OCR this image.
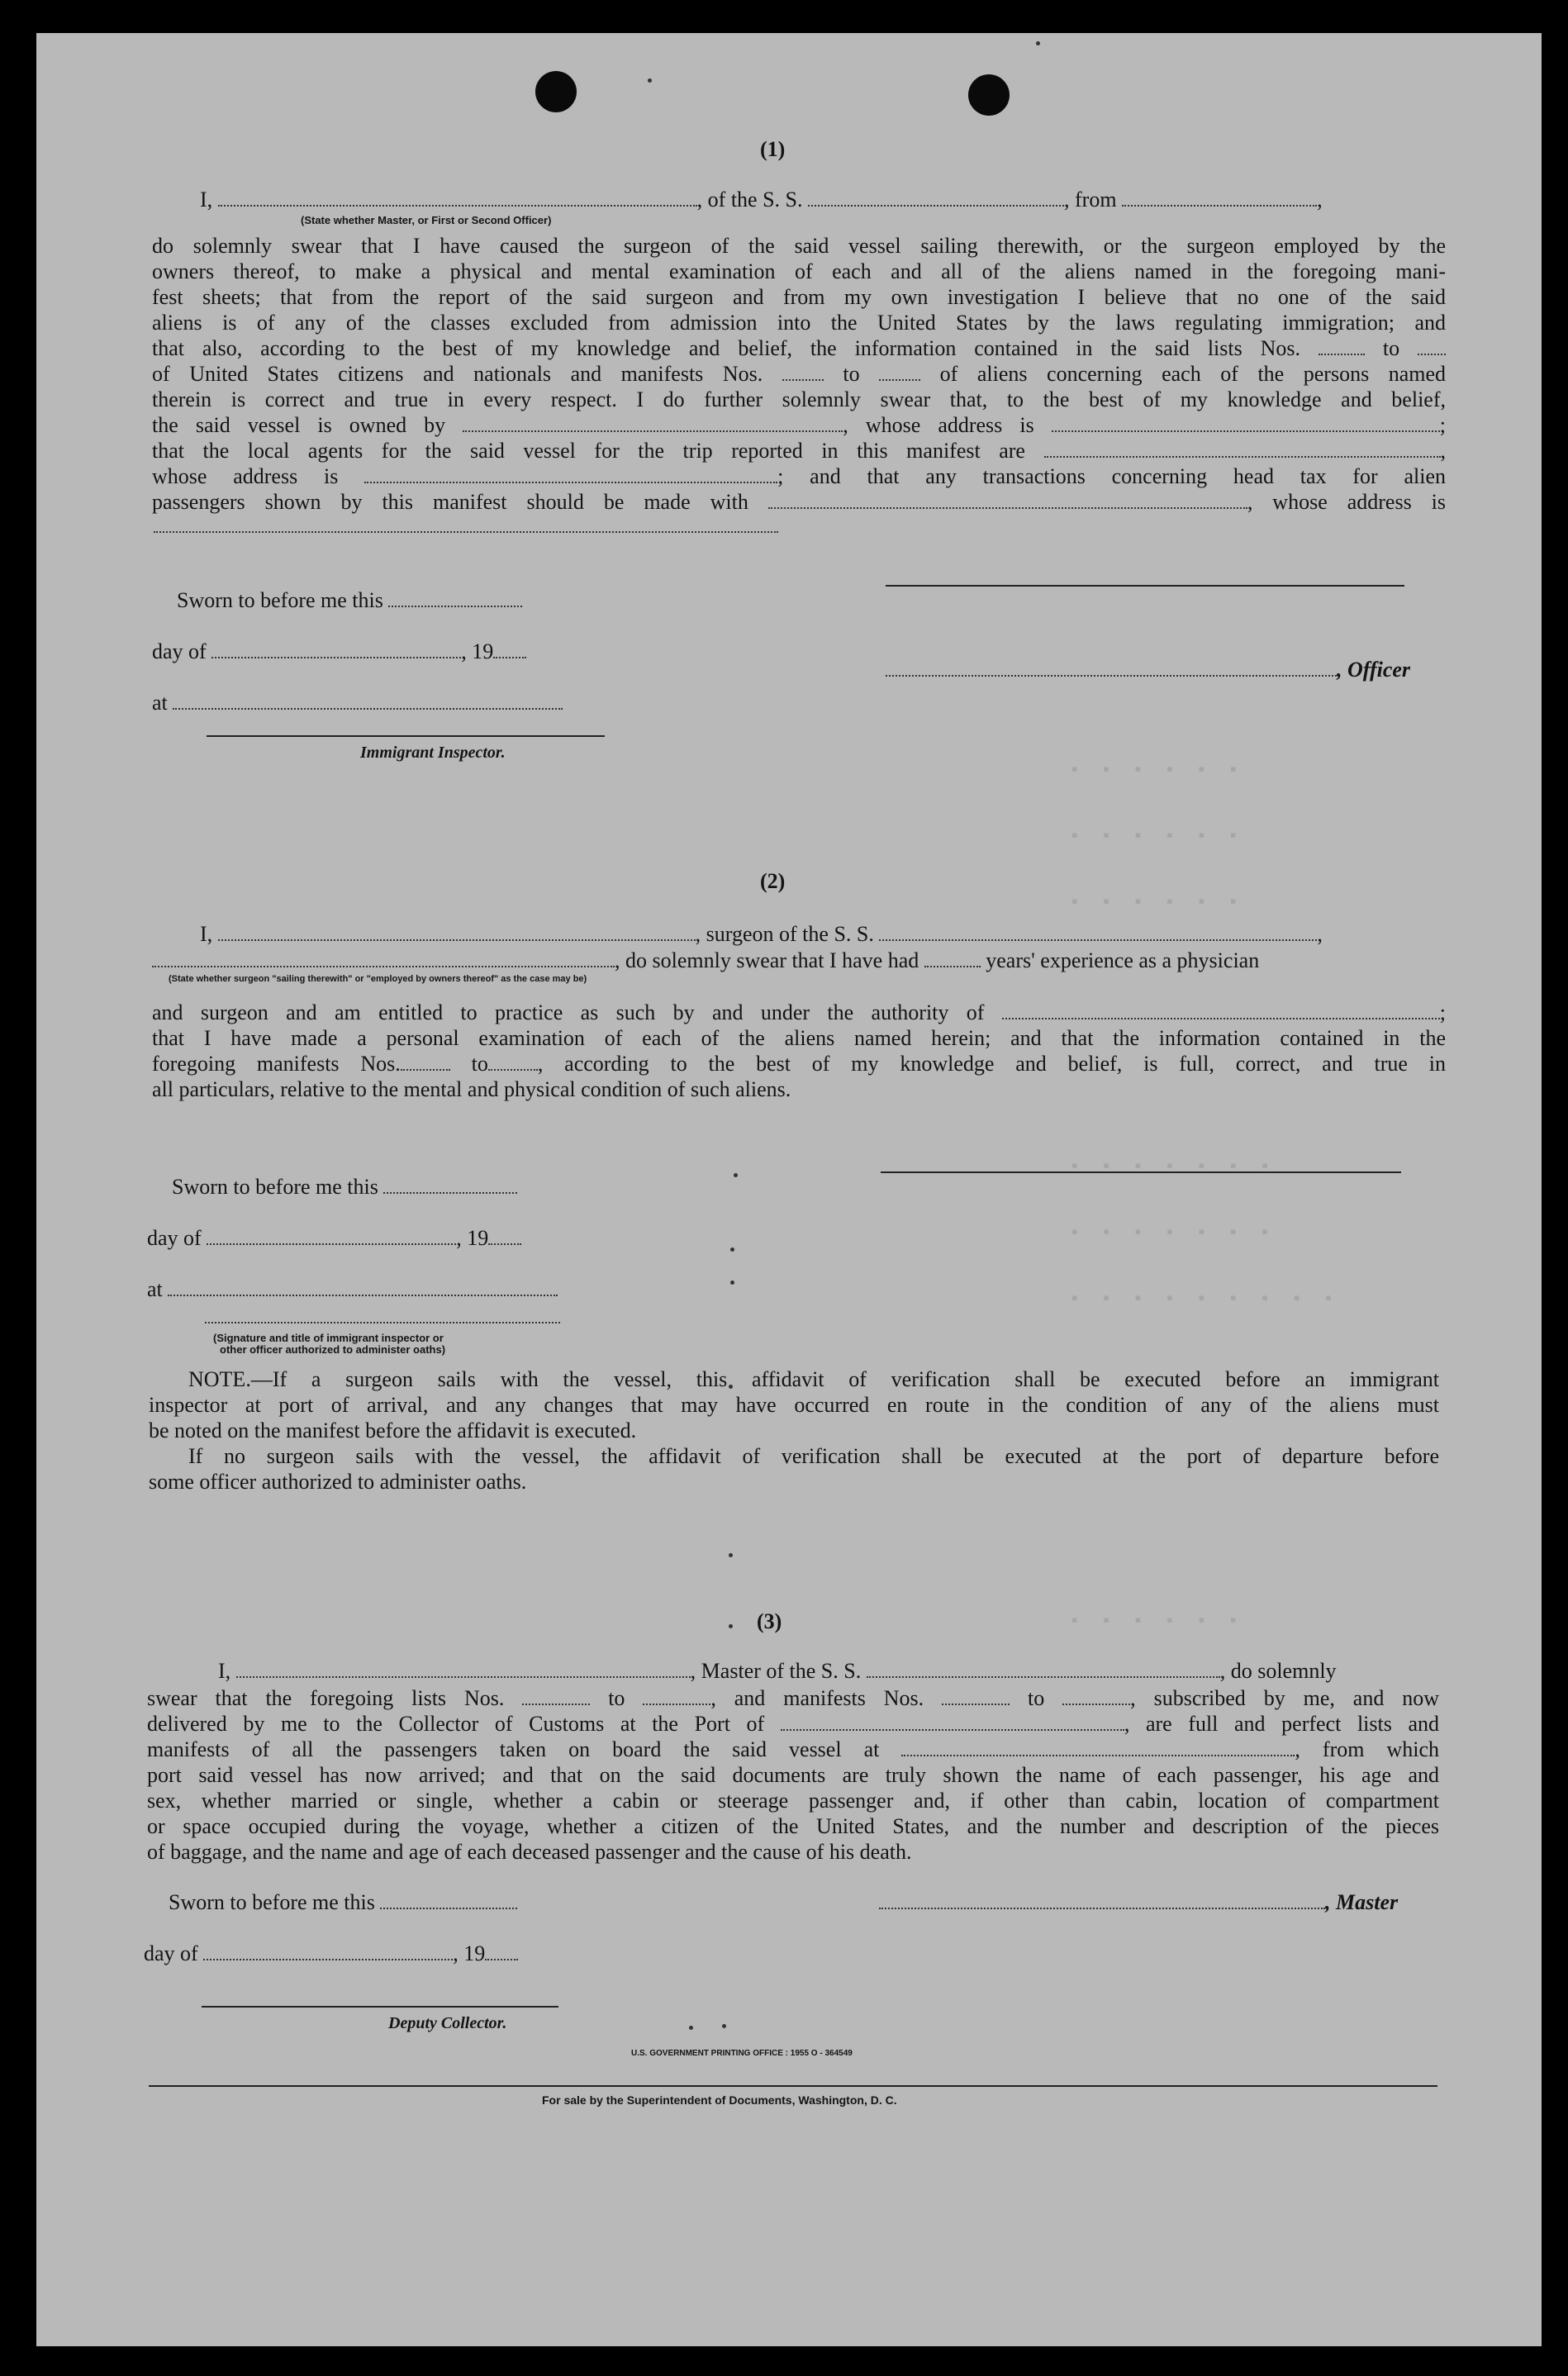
▪ ▪ ▪ ▪ ▪ ▪
▪ ▪ ▪ ▪ ▪ ▪
▪ ▪ ▪ ▪ ▪ ▪
▪ ▪ ▪ ▪ ▪ ▪ ▪
▪ ▪ ▪ ▪ ▪ ▪ ▪
▪ ▪ ▪ ▪ ▪ ▪ ▪ ▪ ▪
▪ ▪ ▪ ▪ ▪ ▪
(1)
I,	, of the S. S.	, from	,
(State whether Master, or First or Second Officer)
do solemnly swear that I have caused the surgeon of the said vessel sailing therewith, or the surgeon employed by the
owners thereof, to make a physical and mental examination of each and all of the aliens named in the foregoing mani-
fest sheets; that from the report of the said surgeon and from my own investigation I believe that no one of the said
aliens is of any of the classes excluded from admission into the United States by the laws regulating immigration; and
that also, according to the best of my knowledge and belief, the information contained in the said lists Nos.	to
of United States citizens and nationals and manifests Nos.	to	of aliens concerning each of the persons named
therein is correct and true in every respect. I do further solemnly swear that, to the best of my knowledge and belief,
the said vessel is owned by	, whose address is	;
that the local agents for the said vessel for the trip reported in this manifest are	,
whose address is	; and that any transactions concerning head tax for alien
passengers shown by this manifest should be made with	, whose address is
Sworn to before me this
day of	, 19
at
, Officer
Immigrant Inspector.
(2)
I,	, surgeon of the S. S.	,
, do solemnly swear that I have had	years' experience as a physician
(State whether surgeon "sailing therewith" or "employed by owners thereof" as the case may be)
and surgeon and am entitled to practice as such by and under the authority of	;
that I have made a personal examination of each of the aliens named herein; and that the information contained in the
foregoing manifests Nos.	to , according to the best of my knowledge and belief, is full, correct, and true in
all particulars, relative to the mental and physical condition of such aliens.
Sworn to before me this
day of	, 19
at
(Signature and title of immigrant inspector or
other officer authorized to administer oaths)
NOTE.—If a surgeon sails with the vessel, this affidavit of verification shall be executed before an immigrant
inspector at port of arrival, and any changes that may have occurred en route in the condition of any of the aliens must
be noted on the manifest before the affidavit is executed.
If no surgeon sails with the vessel, the affidavit of verification shall be executed at the port of departure before
some officer authorized to administer oaths.
(3)
I,	, Master of the S. S.	, do solemnly
swear that the foregoing lists Nos.	to	, and manifests Nos.	to	, subscribed by me, and now
delivered by me to the Collector of Customs at the Port of	, are full and perfect lists and
manifests of all the passengers taken on board the said vessel at	, from which
port said vessel has now arrived; and that on the said documents are truly shown the name of each passenger, his age and
sex, whether married or single, whether a cabin or steerage passenger and, if other than cabin, location of compartment
or space occupied during the voyage, whether a citizen of the United States, and the number and description of the pieces
of baggage, and the name and age of each deceased passenger and the cause of his death.
Sworn to before me this	, Master
day of	, 19
Deputy Collector.
U.S. GOVERNMENT PRINTING OFFICE : 1955 O - 364549
For sale by the Superintendent of Documents, Washington, D. C.
